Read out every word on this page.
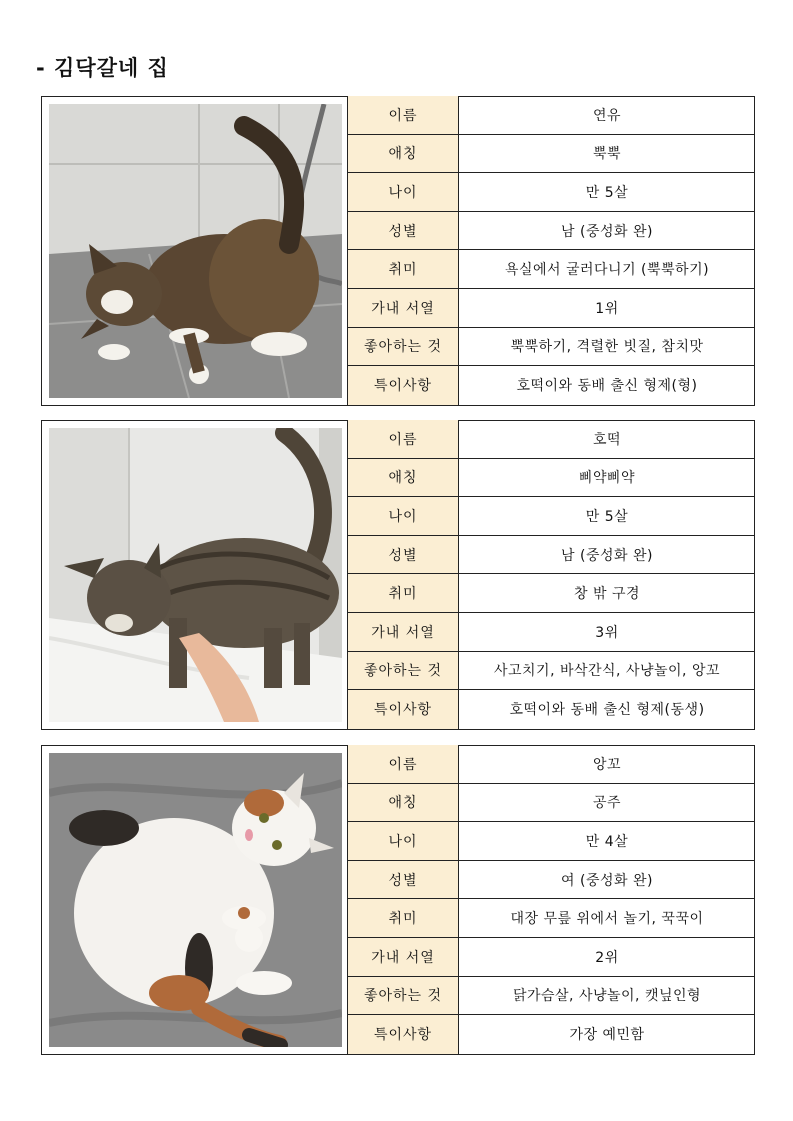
- 김닥갈네 집
이름	연유
애칭	뿍뿍
나이	만 5살
성별	남 (중성화 완)
취미	욕실에서 굴러다니기 (뿍뿍하기)
가내 서열	1위
좋아하는 것	뿍뿍하기, 격렬한 빗질, 참치맛
특이사항	호떡이와 동배 출신 형제(형)
이름	호떡
애칭	삐약삐약
나이	만 5살
성별	남 (중성화 완)
취미	창 밖 구경
가내 서열	3위
좋아하는 것	사고치기, 바삭간식, 사냥놀이, 앙꼬
특이사항	호떡이와 동배 출신 형제(동생)
이름	앙꼬
애칭	공주
나이	만 4살
성별	여 (중성화 완)
취미	대장 무릎 위에서 놀기, 꾹꾹이
가내 서열	2위
좋아하는 것	닭가슴살, 사냥놀이, 캣닢인형
특이사항	가장 예민함
